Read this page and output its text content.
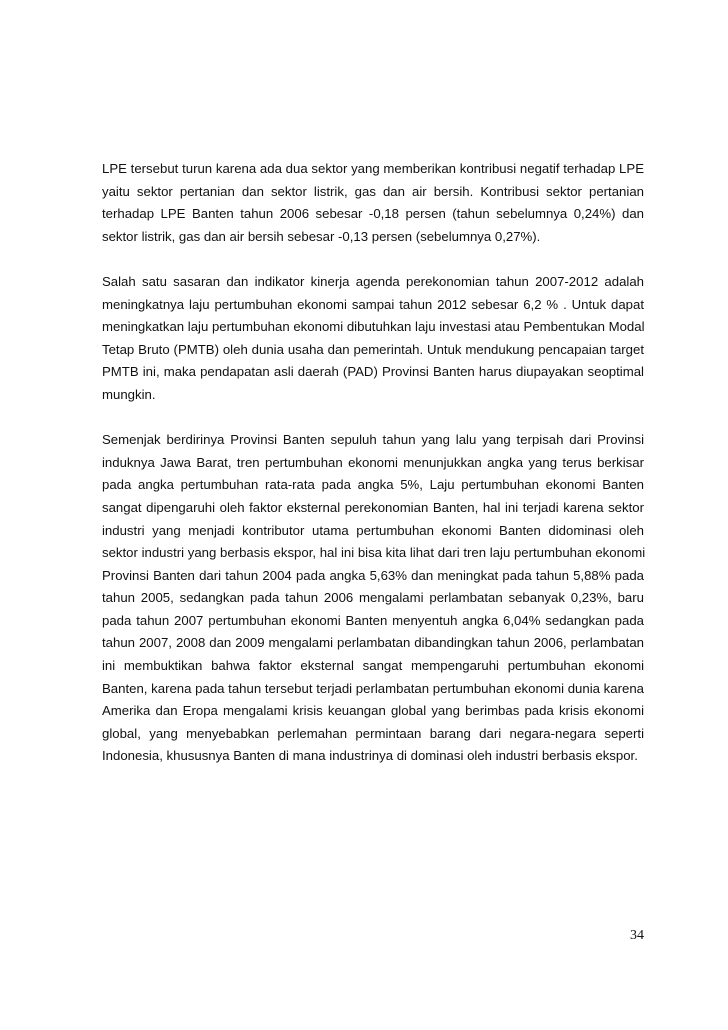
LPE tersebut turun karena ada dua sektor yang memberikan kontribusi negatif terhadap LPE
yaitu sektor pertanian dan sektor listrik, gas dan air bersih. Kontribusi sektor pertanian
terhadap LPE Banten tahun 2006 sebesar -0,18 persen (tahun sebelumnya 0,24%) dan
sektor listrik, gas dan air bersih sebesar -0,13 persen (sebelumnya 0,27%).

Salah satu sasaran dan indikator kinerja agenda perekonomian tahun 2007-2012 adalah
meningkatnya laju pertumbuhan ekonomi sampai tahun 2012 sebesar 6,2 % . Untuk dapat
meningkatkan laju pertumbuhan ekonomi dibutuhkan laju investasi atau Pembentukan Modal
Tetap Bruto (PMTB) oleh dunia usaha dan pemerintah. Untuk mendukung pencapaian target
PMTB ini, maka pendapatan asli daerah (PAD) Provinsi Banten harus diupayakan seoptimal
mungkin.

Semenjak berdirinya Provinsi Banten sepuluh tahun yang lalu yang terpisah dari Provinsi
induknya Jawa Barat, tren pertumbuhan ekonomi menunjukkan angka yang terus berkisar
pada angka pertumbuhan rata-rata pada angka 5%, Laju pertumbuhan ekonomi Banten
sangat dipengaruhi oleh faktor eksternal perekonomian Banten, hal ini terjadi karena sektor
industri yang menjadi kontributor utama pertumbuhan ekonomi Banten didominasi oleh
sektor industri yang berbasis ekspor, hal ini bisa kita lihat dari tren laju pertumbuhan ekonomi
Provinsi Banten dari tahun 2004 pada angka 5,63% dan meningkat pada tahun 5,88% pada
tahun 2005, sedangkan pada tahun 2006 mengalami perlambatan sebanyak 0,23%, baru
pada tahun 2007 pertumbuhan ekonomi Banten menyentuh angka 6,04% sedangkan pada
tahun 2007, 2008 dan 2009 mengalami perlambatan dibandingkan tahun 2006, perlambatan
ini membuktikan bahwa faktor eksternal sangat mempengaruhi pertumbuhan ekonomi
Banten, karena pada tahun tersebut terjadi perlambatan pertumbuhan ekonomi dunia karena
Amerika dan Eropa mengalami krisis keuangan global yang berimbas pada krisis ekonomi
global, yang menyebabkan perlemahan permintaan barang dari negara-negara seperti
Indonesia, khususnya Banten di mana industrinya di dominasi oleh industri berbasis ekspor.

34
